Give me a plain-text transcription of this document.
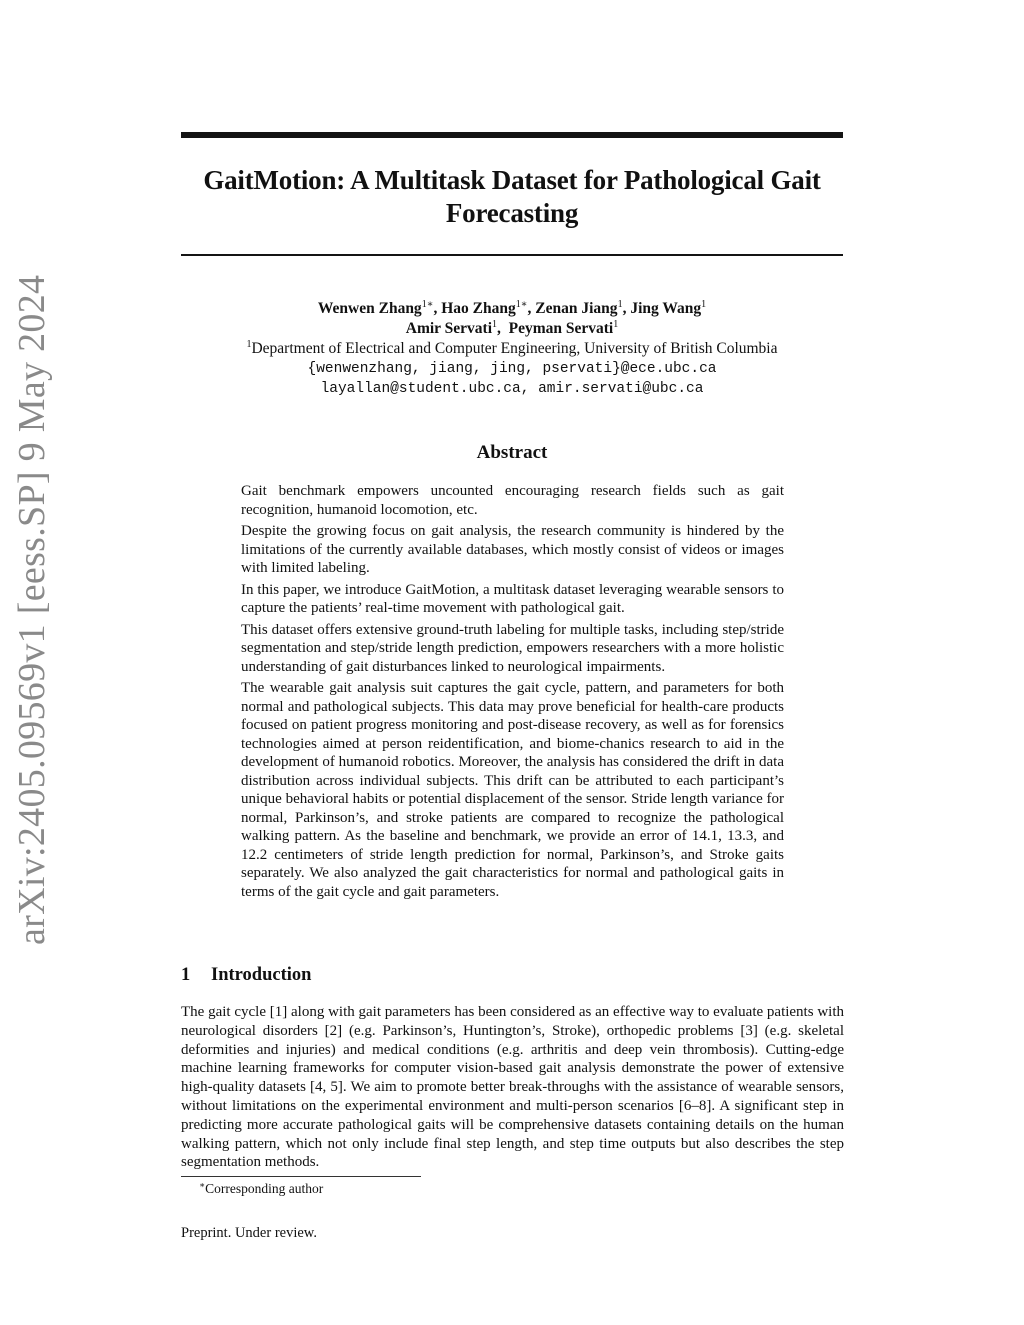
arXiv:2405.09569v1 [eess.SP] 9 May 2024
GaitMotion: A Multitask Dataset for Pathological Gait
Forecasting
Wenwen Zhang$^{1∗}$, Hao Zhang$^{1∗}$, Zenan Jiang$^1$, Jing Wang$^1$
Amir Servati$^1$,  Peyman Servati$^1$
$^1$Department of Electrical and Computer Engineering, University of British Columbia
{wenwenzhang, jiang, jing, pservati}@ece.ubc.ca
layallan@student.ubc.ca, amir.servati@ubc.ca
Abstract

Gait benchmark empowers uncounted encouraging research fields such as gait recognition, humanoid locomotion, etc.

Despite the growing focus on gait analysis, the research community is hindered by the limitations of the currently available databases, which mostly consist of videos or images with limited labeling.

In this paper, we introduce GaitMotion, a multitask dataset leveraging wearable sensors to capture the patients’ real-time movement with pathological gait.

This dataset offers extensive ground-truth labeling for multiple tasks, including step/stride segmentation and step/stride length prediction, empowers researchers with a more holistic understanding of gait disturbances linked to neurological impairments.

The wearable gait analysis suit captures the gait cycle, pattern, and parameters for both normal and pathological subjects. This data may prove beneficial for health-care products focused on patient progress monitoring and post-disease recovery, as well as for forensics technologies aimed at person reidentification, and biome-chanics research to aid in the development of humanoid robotics. Moreover, the analysis has considered the drift in data distribution across individual subjects. This drift can be attributed to each participant’s unique behavioral habits or potential displacement of the sensor. Stride length variance for normal, Parkinson’s, and stroke patients are compared to recognize the pathological walking pattern. As the baseline and benchmark, we provide an error of 14.1, 13.3, and 12.2 centimeters of stride length prediction for normal, Parkinson’s, and Stroke gaits separately. We also analyzed the gait characteristics for normal and pathological gaits in terms of the gait cycle and gait parameters.

1 Introduction

The gait cycle [1] along with gait parameters has been considered as an effective way to evaluate patients with neurological disorders [2] (e.g. Parkinson’s, Huntington’s, Stroke), orthopedic problems [3] (e.g. skeletal deformities and injuries) and medical conditions (e.g. arthritis and deep vein thrombosis). Cutting-edge machine learning frameworks for computer vision-based gait analysis demonstrate the power of extensive high-quality datasets [4, 5]. We aim to promote better break-throughs with the assistance of wearable sensors, without limitations on the experimental environment and multi-person scenarios [6–8]. A significant step in predicting more accurate pathological gaits will be comprehensive datasets containing details on the human walking pattern, which not only include final step length, and step time outputs but also describes the step segmentation methods.

∗Corresponding author
Preprint. Under review.
